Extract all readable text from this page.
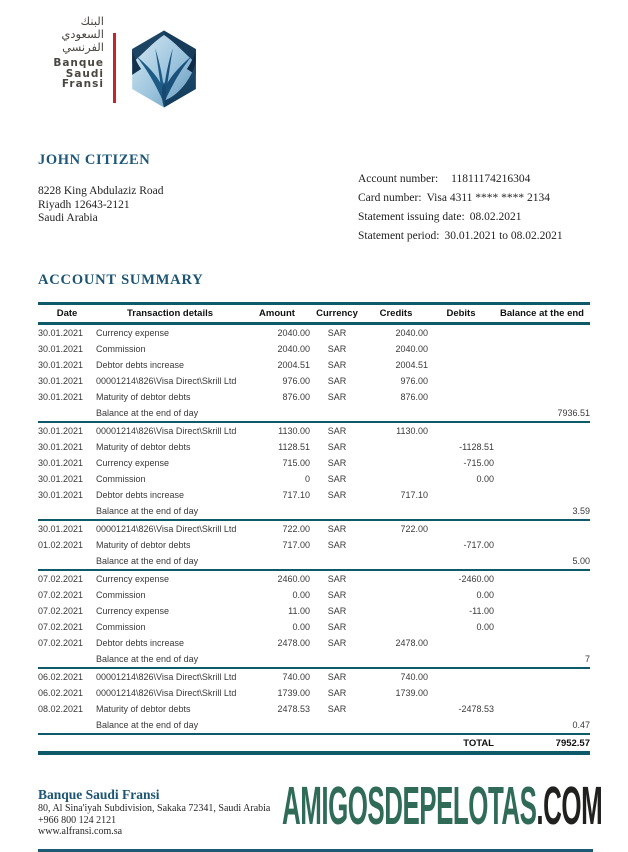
البنك
السعودي
الفرنسي
Banque
Saudi
Fransi
JOHN CITIZEN
8228 King Abdulaziz Road
Riyadh 12643-2121
Saudi Arabia
Account number: 11811174216304
Card number: Visa 4311 **** **** 2134
Statement issuing date: 08.02.2021
Statement period: 30.01.2021 to 08.02.2021
ACCOUNT SUMMARY
Date	Transaction details	Amount	Currency	Credits	Debits	Balance at the end
30.01.2021	Currency expense	2040.00	SAR	2040.00		
30.01.2021	Commission	2040.00	SAR	2040.00		
30.01.2021	Debtor debts increase	2004.51	SAR	2004.51		
30.01.2021	00001214\826\Visa Direct\Skrill Ltd	976.00	SAR	976.00		
30.01.2021	Maturity of debtor debts	876.00	SAR	876.00		
	Balance at the end of day					7936.51
30.01.2021	00001214\826\Visa Direct\Skrill Ltd	1130.00	SAR	1130.00		
30.01.2021	Maturity of debtor debts	1128.51	SAR		-1128.51	
30.01.2021	Currency expense	715.00	SAR		-715.00	
30.01.2021	Commission	0	SAR		0.00	
30.01.2021	Debtor debts increase	717.10	SAR	717.10		
	Balance at the end of day					3.59
30.01.2021	00001214\826\Visa Direct\Skrill Ltd	722.00	SAR	722.00		
01.02.2021	Maturity of debtor debts	717.00	SAR		-717.00	
	Balance at the end of day					5.00
07.02.2021	Currency expense	2460.00	SAR		-2460.00	
07.02.2021	Commission	0.00	SAR		0.00	
07.02.2021	Currency expense	11.00	SAR		-11.00	
07.02.2021	Commission	0.00	SAR		0.00	
07.02.2021	Debtor debts increase	2478.00	SAR	2478.00		
	Balance at the end of day					7
06.02.2021	00001214\826\Visa Direct\Skrill Ltd	740.00	SAR	740.00		
06.02.2021	00001214\826\Visa Direct\Skrill Ltd	1739.00	SAR	1739.00		
08.02.2021	Maturity of debtor debts	2478.53	SAR		-2478.53	
	Balance at the end of day					0.47
				TOTAL		7952.57
Banque Saudi Fransi
80, Al Sina'iyah Subdivision, Sakaka 72341, Saudi Arabia
+966 800 124 2121
www.alfransi.com.sa	AMIGOSDEPELOTAS.COM
